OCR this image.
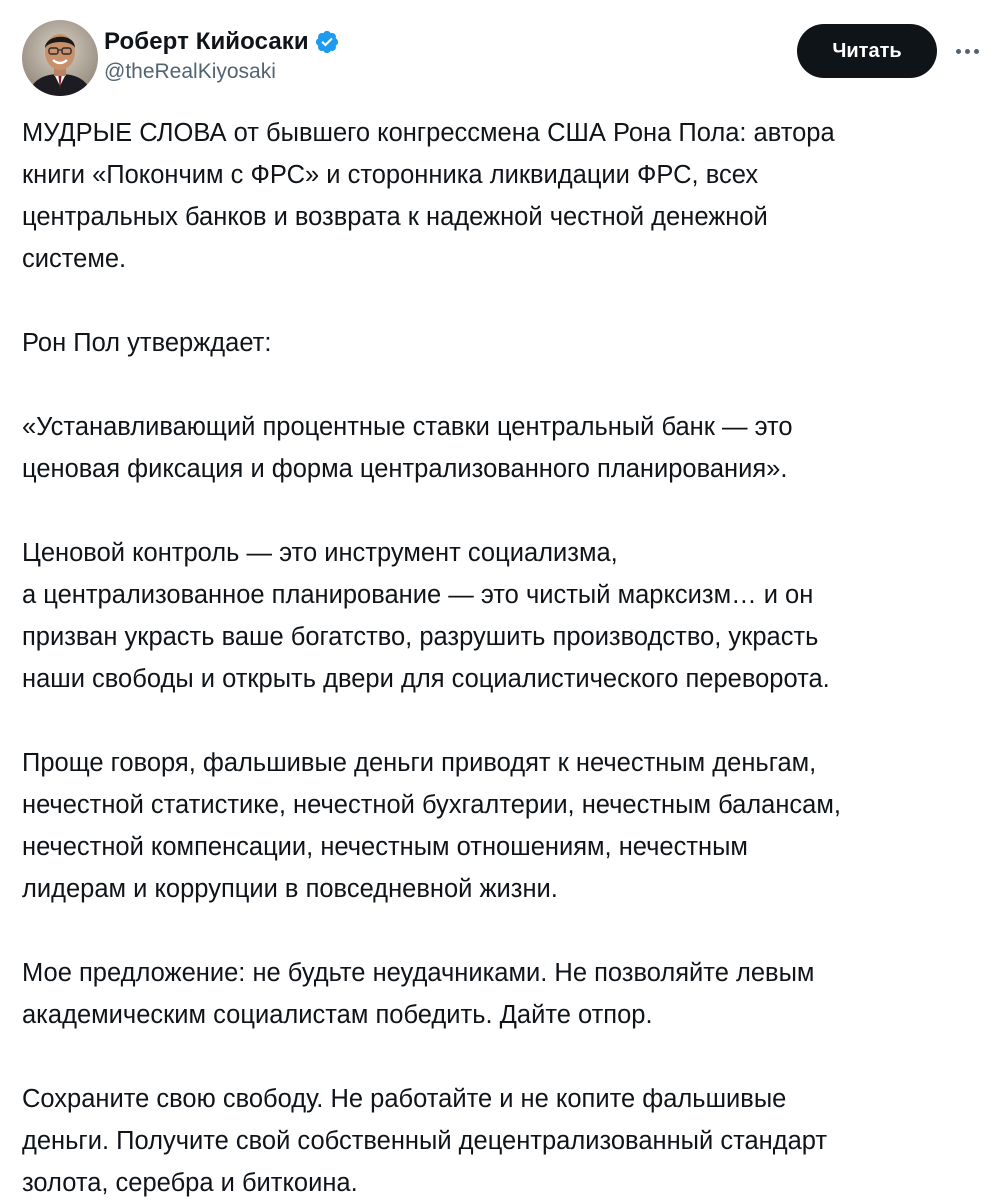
Роберт Кийосаки
@theRealKiyosaki
Читать

МУДРЫЕ СЛОВА от бывшего конгрессмена США Рона Пола: автора

книги «Покончим с ФРС» и сторонника ликвидации ФРС, всех

центральных банков и возврата к надежной честной денежной

системе.

Рон Пол утверждает:

«Устанавливающий процентные ставки центральный банк — это

ценовая фиксация и форма централизованного планирования».

Ценовой контроль — это инструмент социализма,

а централизованное планирование — это чистый марксизм… и он

призван украсть ваше богатство, разрушить производство, украсть

наши свободы и открыть двери для социалистического переворота.

Проще говоря, фальшивые деньги приводят к нечестным деньгам,

нечестной статистике, нечестной бухгалтерии, нечестным балансам,

нечестной компенсации, нечестным отношениям, нечестным

лидерам и коррупции в повседневной жизни.

Мое предложение: не будьте неудачниками. Не позволяйте левым

академическим социалистам победить. Дайте отпор.

Сохраните свою свободу. Не работайте и не копите фальшивые

деньги. Получите свой собственный децентрализованный стандарт

золота, серебра и биткоина.
